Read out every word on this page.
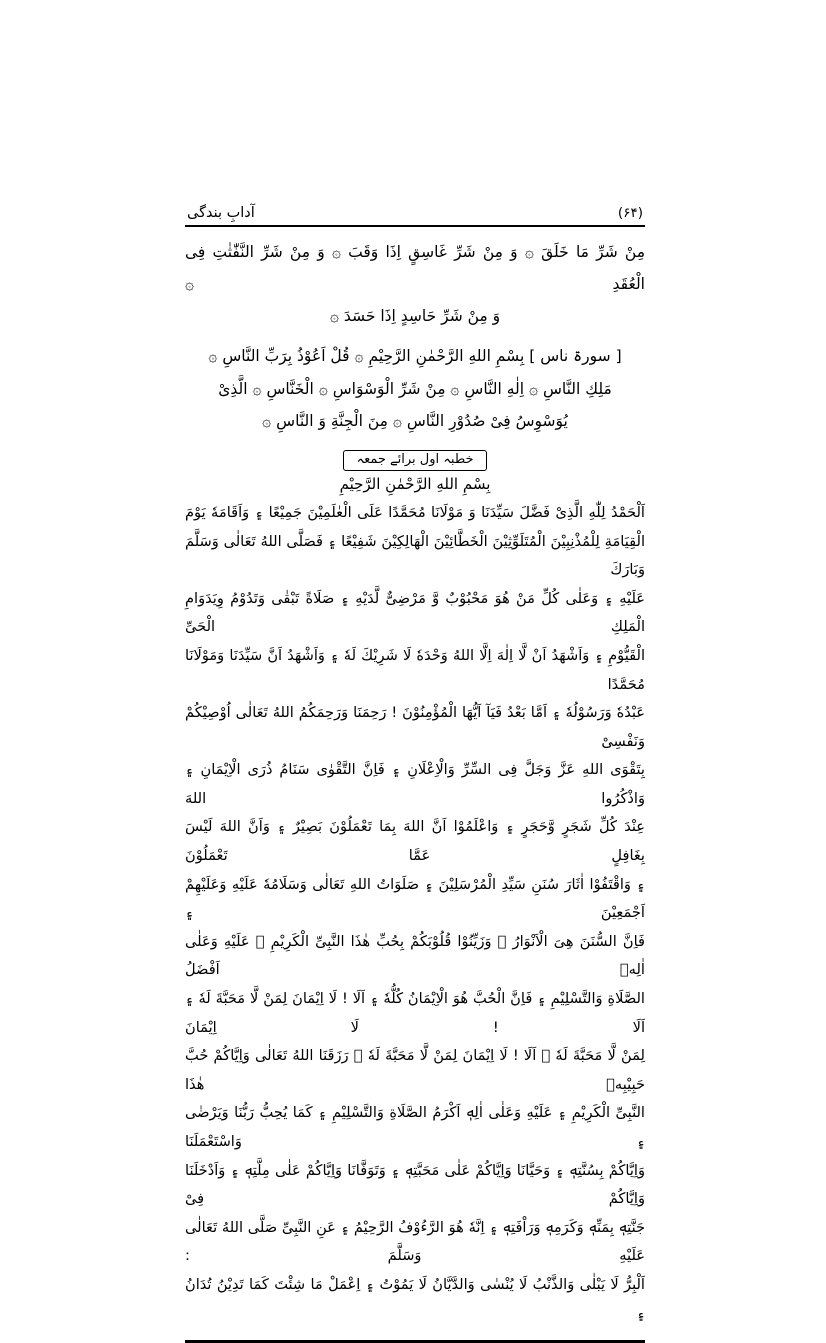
آدابِ بندگی	(۶۴)
مِنْ شَرِّ مَا خَلَقَ ۞ وَ مِنْ شَرِّ غَاسِقٍ اِذَا وَقَبَ ۞ وَ مِنْ شَرِّ النَّفّٰثٰتِ فِى الْعُقَدِ ۞
وَ مِنْ شَرِّ حَاسِدٍ اِذَا حَسَدَ ۞
[ سورۃ ناس ] بِسْمِ اللهِ الرَّحْمٰنِ الرَّحِيْمِ ۞ قُلْ اَعُوْذُ بِرَبِّ النَّاسِ ۞
مَلِكِ النَّاسِ ۞ اِلٰهِ النَّاسِ ۞ مِنْ شَرِّ الْوَسْوَاسِ ۞ الْخَنَّاسِ ۞ الَّذِىْ
يُوَسْوِسُ فِىْ صُدُوْرِ النَّاسِ ۞ مِنَ الْجِنَّةِ وَ النَّاسِ ۞
خطبہ اول برائے جمعہ
بِسْمِ اللهِ الرَّحْمٰنِ الرَّحِيْمِ
اَلْحَمْدُ لِلّٰهِ الَّذِىْ فَضَّلَ سَيِّدَنَا وَ مَوْلَانَا مُحَمَّدًا عَلَى الْعٰلَمِيْنَ جَمِيْعًا ۽ وَاَقَامَهٗ يَوْمَ
الْقِيَامَةِ لِلْمُذْنِبِيْنَ الْمُتَلَوِّثِيْنَ الْخَطَّائِيْنَ الْهَالِكِيْنَ شَفِيْعًا ۽ فَصَلَّى اللهُ تَعَالٰى وَسَلَّمَ وَبَارَكَ
عَلَيْهِ ۽ وَعَلٰى كُلِّ مَنْ هُوَ مَحْبُوْبٌ وَّ مَرْضِىٌّ لَّدَيْهِ ۽ صَلَاةً تَبْقٰى وَتَدُوْمُ وِيَدَوَامِ الْمَلِكِ الْحَىِّ
الْقَيُّوْمِ ۽ وَاَشْهَدُ اَنْ لَّا اِلٰهَ اِلَّا اللهُ وَحْدَهٗ لَا شَرِيْكَ لَهٗ ۽ وَاَشْهَدُ اَنَّ سَيِّدَنَا وَمَوْلَانَا مُحَمَّدًا
عَبْدُهٗ وَرَسُوْلُهٗ ۽ اَمَّا بَعْدُ فَيَآ اَيُّهَا الْمُؤْمِنُوْنَ ! رَحِمَنَا وَرَحِمَكُمُ اللهُ تَعَالٰى اُوْصِيْكُمْ وَنَفْسِىْ
بِتَقْوَى اللهِ عَزَّ وَجَلَّ فِى السِّرِّ وَالْاِعْلَانِ ۽ فَاِنَّ التَّقْوٰى سَنَامُ ذُرَى الْاِيْمَانِ ۽ وَاذْكُرُوا اللهَ
عِنْدَ كُلِّ شَجَرٍ وَّحَجَرٍ ۽ وَاعْلَمُوْا اَنَّ اللهَ بِمَا تَعْمَلُوْنَ بَصِيْرٌ ۽ وَاَنَّ اللهَ لَيْسَ بِغَافِلٍ عَمَّا تَعْمَلُوْنَ
۽ وَاقْتَفُوْا اٰثَارَ سُنَنِ سَيِّدِ الْمُرْسَلِيْنَ ۽ صَلَوَاتُ اللهِ تَعَالٰى وَسَلَامُهٗ عَلَيْهِ وَعَلَيْهِمْ اَجْمَعِيْنَ ۽
فَاِنَّ السُّنَنَ هِىَ الْاَنْوَارُ ۽ وَزَيِّنُوْا قُلُوْبَكُمْ بِحُبِّ هٰذَا النَّبِىِّ الْكَرِيْمِ ۽ عَلَيْهِ وَعَلٰى اٰلِهٖ اَفْضَلُ
الصَّلَاةِ وَالتَّسْلِيْمِ ۽ فَاِنَّ الْحُبَّ هُوَ الْاِيْمَانُ كُلُّهٗ ۽ اَلَا ! لَا اِيْمَانَ لِمَنْ لَّا مَحَبَّةَ لَهٗ ۽ اَلَا ! لَا اِيْمَانَ
لِمَنْ لَّا مَحَبَّةَ لَهٗ ۽ اَلَا ! لَا اِيْمَانَ لِمَنْ لَّا مَحَبَّةَ لَهٗ ۽ رَزَقَنَا اللهُ تَعَالٰى وَاِيَّاكُمْ حُبَّ حَبِيْبِهٖ هٰذَا
النَّبِىِّ الْكَرِيْمِ ۽ عَلَيْهِ وَعَلٰى اٰلِهٖ اَكْرَمُ الصَّلَاةِ وَالتَّسْلِيْمِ ۽ كَمَا يُحِبُّ رَبُّنَا وَيَرْضٰى ۽ وَاسْتَعْمَلَنَا
وَاِيَّاكُمْ بِسُنَّتِهٖ ۽ وَحَيَّانَا وَاِيَّاكُمْ عَلٰى مَحَبَّتِهٖ ۽ وَتَوَفَّانَا وَاِيَّاكُمْ عَلٰى مِلَّتِهٖ ۽ وَاَدْخَلَنَا وَاِيَّاكُمْ فِىْ
جَنَّتِهٖ بِمَنِّهٖ وَكَرَمِهٖ وَرَاْفَتِهٖ ۽ اِنَّهٗ هُوَ الرَّءُوْفُ الرَّحِيْمُ ۽ عَنِ النَّبِىِّ صَلَّى اللهُ تَعَالٰى عَلَيْهِ وَسَلَّمَ :
اَلْبِرُّ لَا يَبْلٰى وَالذَّنْبُ لَا يُنْسٰى وَالدَّيَّانُ لَا يَمُوْتُ ۽ اِعْمَلْ مَا شِئْتَ كَمَا تَدِيْنُ تُدَانُ ۽
